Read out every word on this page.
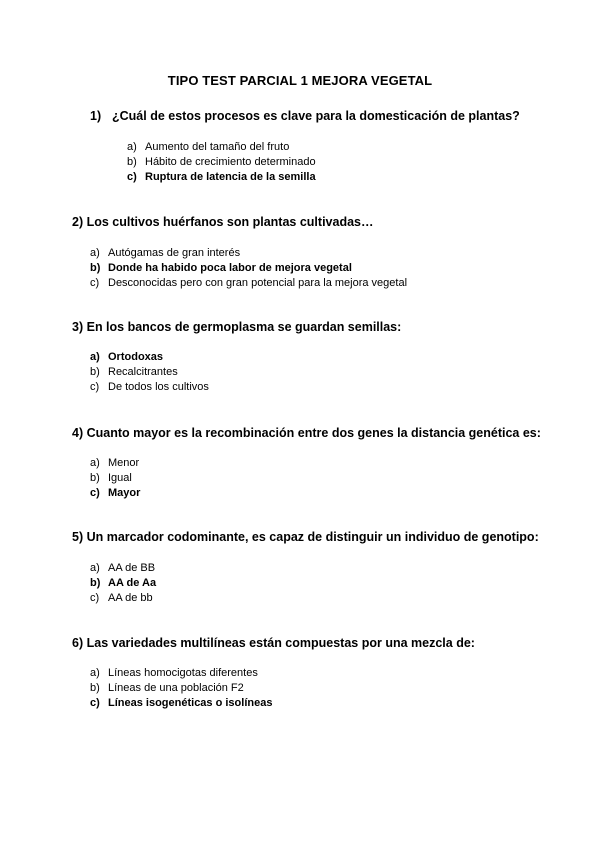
TIPO TEST PARCIAL 1 MEJORA VEGETAL
1) ¿Cuál de estos procesos es clave para la domesticación de plantas?
a) Aumento del tamaño del fruto
b) Hábito de crecimiento determinado
c) Ruptura de latencia de la semilla
2) Los cultivos huérfanos son plantas cultivadas…
a) Autógamas de gran interés
b) Donde ha habido poca labor de mejora vegetal
c) Desconocidas pero con gran potencial para la mejora vegetal
3) En los bancos de germoplasma se guardan semillas:
a) Ortodoxas
b) Recalcitrantes
c) De todos los cultivos
4) Cuanto mayor es la recombinación entre dos genes la distancia genética es:
a) Menor
b) Igual
c) Mayor
5) Un marcador codominante, es capaz de distinguir un individuo de genotipo:
a) AA de BB
b) AA de Aa
c) AA de bb
6) Las variedades multilíneas están compuestas por una mezcla de:
a) Líneas homocigotas diferentes
b) Líneas de una población F2
c) Líneas isogenéticas o isolíneas
